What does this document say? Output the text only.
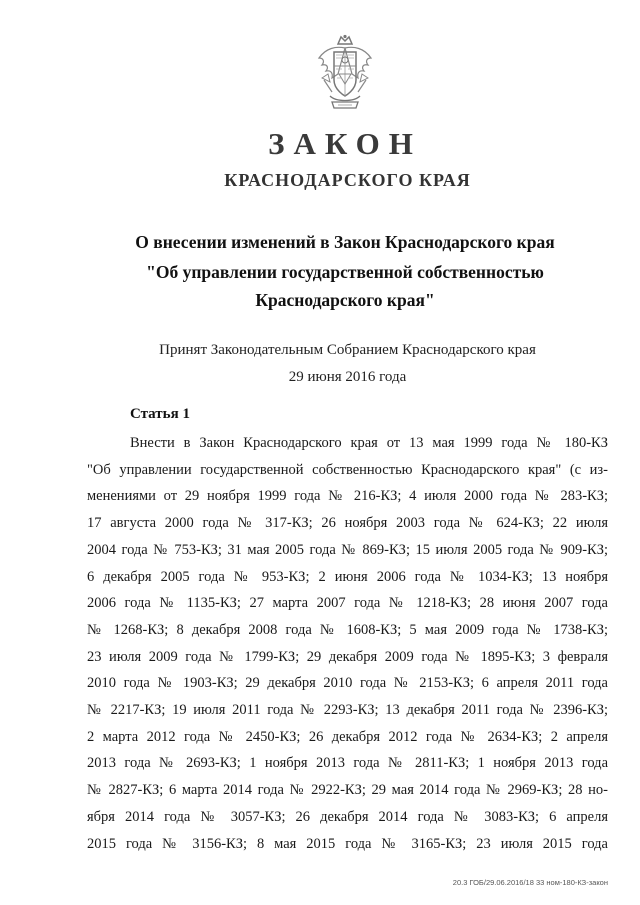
ЗАКОН
КРАСНОДАРСКОГО КРАЯ
О внесении изменений в Закон Краснодарского края
"Об управлении государственной собственностью
Краснодарского края"
Принят Законодательным Собранием Краснодарского края
29 июня 2016 года
Статья 1
Внести в Закон Краснодарского края от 13 мая 1999 года № 180-КЗ
"Об управлении государственной собственностью Краснодарского края" (с из-
менениями от 29 ноября 1999 года № 216-КЗ; 4 июля 2000 года № 283-КЗ;
17 августа 2000 года № 317-КЗ; 26 ноября 2003 года № 624-КЗ; 22 июля
2004 года № 753-КЗ; 31 мая 2005 года № 869-КЗ; 15 июля 2005 года № 909-КЗ;
6 декабря 2005 года № 953-КЗ; 2 июня 2006 года № 1034-КЗ; 13 ноября
2006 года № 1135-КЗ; 27 марта 2007 года № 1218-КЗ; 28 июня 2007 года
№ 1268-КЗ; 8 декабря 2008 года № 1608-КЗ; 5 мая 2009 года № 1738-КЗ;
23 июля 2009 года № 1799-КЗ; 29 декабря 2009 года № 1895-КЗ; 3 февраля
2010 года № 1903-КЗ; 29 декабря 2010 года № 2153-КЗ; 6 апреля 2011 года
№ 2217-КЗ; 19 июля 2011 года № 2293-КЗ; 13 декабря 2011 года № 2396-КЗ;
2 марта 2012 года № 2450-КЗ; 26 декабря 2012 года № 2634-КЗ; 2 апреля
2013 года № 2693-КЗ; 1 ноября 2013 года № 2811-КЗ; 1 ноября 2013 года
№ 2827-КЗ; 6 марта 2014 года № 2922-КЗ; 29 мая 2014 года № 2969-КЗ; 28 но-
ября 2014 года № 3057-КЗ; 26 декабря 2014 года № 3083-КЗ; 6 апреля
2015 года № 3156-КЗ; 8 мая 2015 года № 3165-КЗ; 23 июля 2015 года
20.3 ГОБ/29.06.2016/18 33 ном-180-КЗ-закон
